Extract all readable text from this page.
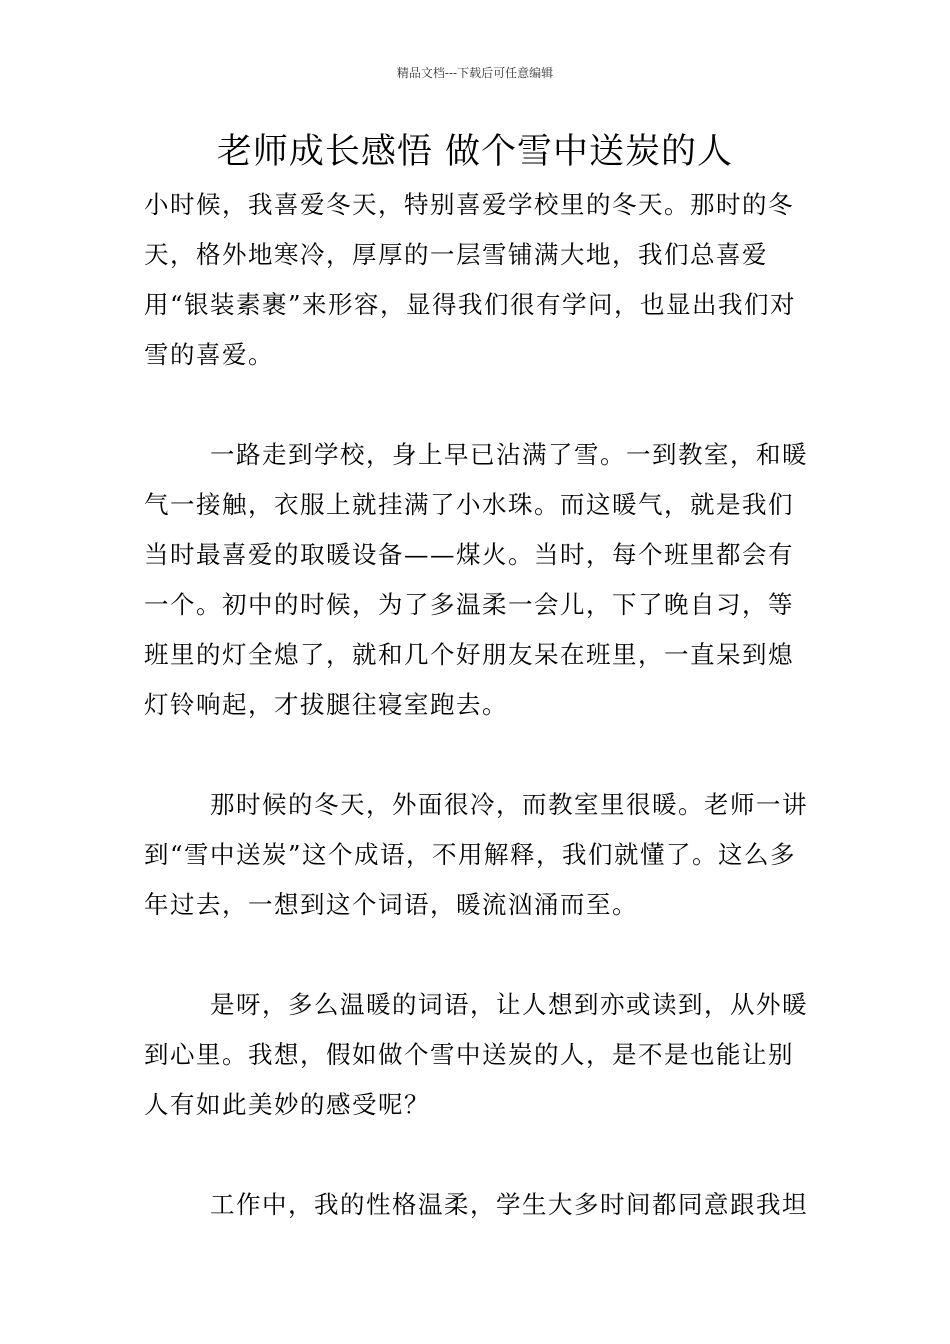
精品文档---下载后可任意编辑
老师成长感悟 做个雪中送炭的人

小时候，我喜爱冬天，特别喜爱学校里的冬天。那时的冬天，格外地寒冷，厚厚的一层雪铺满大地，我们总喜爱用“银装素裹”来形容，显得我们很有学问，也显出我们对雪的喜爱。

一路走到学校，身上早已沾满了雪。一到教室，和暖气一接触，衣服上就挂满了小水珠。而这暖气，就是我们当时最喜爱的取暖设备——煤火。当时，每个班里都会有一个。初中的时候，为了多温柔一会儿，下了晚自习，等班里的灯全熄了，就和几个好朋友呆在班里，一直呆到熄灯铃响起，才拔腿往寝室跑去。

那时候的冬天，外面很冷，而教室里很暖。老师一讲到“雪中送炭”这个成语，不用解释，我们就懂了。这么多年过去，一想到这个词语，暖流汹涌而至。

是呀，多么温暖的词语，让人想到亦或读到，从外暖到心里。我想，假如做个雪中送炭的人，是不是也能让别人有如此美妙的感受呢？

工作中，我的性格温柔，学生大多时间都同意跟我坦
